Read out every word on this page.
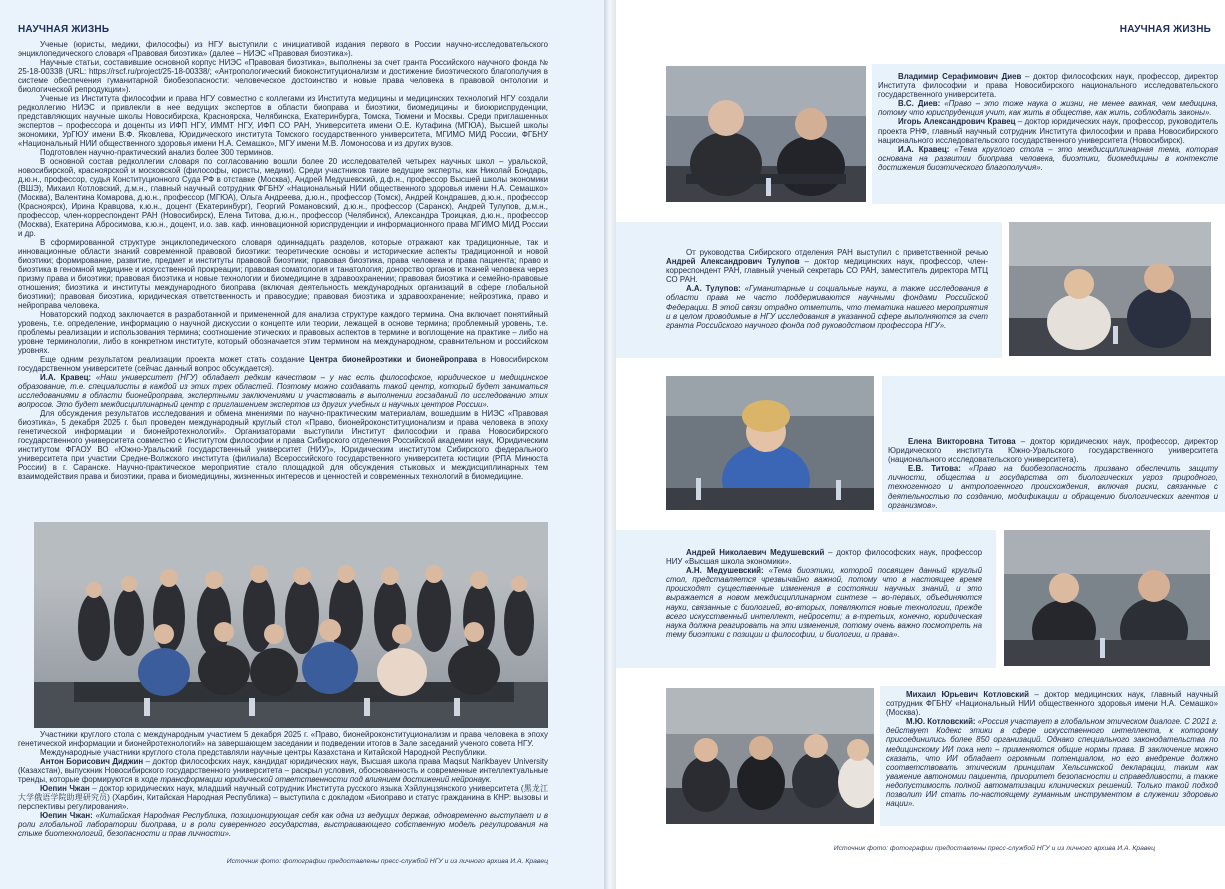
НАУЧНАЯ ЖИЗНЬ

Ученые (юристы, медики, философы) из НГУ выступили с инициативой издания первого в России научно-исследовательского энциклопедического словаря «Правовая биоэтика» (далее – НИЭС «Правовая биоэтика»).

Научные статьи, составившие основной корпус НИЭС «Правовая биоэтика», выполнены за счет гранта Российского научного фонда № 25-18-00338 (URL: https://rscf.ru/project/25-18-00338/; «Антропологический биоконституционализм и достижение биоэтического благополучия в системе обеспечения гуманитарной биобезопасности: человеческое достоинство и новые права человека в правовой онтологии и биологической репродукции»).

Ученые из Института философии и права НГУ совместно с коллегами из Института медицины и медицинских технологий НГУ создали редколлегию НИЭС и привлекли в нее ведущих экспертов в области биоправа и биоэтики, биомедицины и биоюриспруденции, представляющих научные школы Новосибирска, Красноярска, Челябинска, Екатеринбурга, Томска, Тюмени и Москвы. Среди приглашенных экспертов – профессора и доценты из ИФП НГУ, ИММТ НГУ, ИФП СО РАН, Университета имени О.Е. Кутафина (МГЮА), Высшей школы экономики, УрГЮУ имени В.Ф. Яковлева, Юридического института Томского государственного университета, МГИМО МИД России, ФГБНУ «Национальный НИИ общественного здоровья имени Н.А. Семашко», МГУ имени М.В. Ломоносова и из других вузов.

Подготовлен научно-практический анализ более 300 терминов.

В основной состав редколлегии словаря по согласованию вошли более 20 исследователей четырех научных школ – уральской, новосибирской, красноярской и московской (философы, юристы, медики). Среди участников такие ведущие эксперты, как Николай Бондарь, д.ю.н., профессор, судья Конституционного Суда РФ в отставке (Москва), Андрей Медушевский, д.ф.н., профессор Высшей школы экономики (ВШЭ), Михаил Котловский, д.м.н., главный научный сотрудник ФГБНУ «Национальный НИИ общественного здоровья имени Н.А. Семашко» (Москва), Валентина Комарова, д.ю.н., профессор (МГЮА), Ольга Андреева, д.ю.н., профессор (Томск), Андрей Кондрашев, д.ю.н., профессор (Красноярск), Ирина Кравцова, к.ю.н., доцент (Екатеринбург), Георгий Романовский, д.ю.н., профессор (Саранск), Андрей Тулупов, д.м.н., профессор, член-корреспондент РАН (Новосибирск), Елена Титова, д.ю.н., профессор (Челябинск), Александра Троицкая, д.ю.н., профессор (Москва), Екатерина Абросимова, к.ю.н., доцент, и.о. зав. каф. инновационной юриспруденции и информационного права МГИМО МИД России и др.

В сформированной структуре энциклопедического словаря одиннадцать разделов, которые отражают как традиционные, так и инновационные области знаний современной правовой биоэтики: теоретические основы и исторические аспекты традиционной и новой биоэтики; формирование, развитие, предмет и институты правовой биоэтики; правовая биоэтика, права человека и права пациента; право и биоэтика в геномной медицине и искусственной прокреации; правовая соматология и танатология; донорство органов и тканей человека через призму права и биоэтики; правовая биоэтика и новые технологии и биомедицине в здравоохранении; правовая биоэтика и семейно-правовые отношения; биоэтика и институты международного биоправа (включая деятельность международных организаций в сфере глобальной биоэтики); правовая биоэтика, юридическая ответственность и правосудие; правовая биоэтика и здравоохранение; нейроэтика, право и нейроправа человека.

Новаторский подход заключается в разработанной и примененной для анализа структуре каждого термина. Она включает понятийный уровень, т.е. определение, информацию о научной дискуссии о концепте или теории, лежащей в основе термина; проблемный уровень, т.е. проблемы реализации и использования термина; соотношение этических и правовых аспектов в термине и воплощение на практике – либо на уровне терминологии, либо в конкретном институте, который обозначается этим термином на международном, сравнительном и российском уровнях.

Еще одним результатом реализации проекта может стать создание Центра бионейроэтики и бионейроправа в Новосибирском государственном университете (сейчас данный вопрос обсуждается).

И.А. Кравец: «Наш университет (НГУ) обладает редким качеством – у нас есть философское, юридическое и медицинское образование, т.е. специалисты в каждой из этих трех областей. Поэтому можно создавать такой центр, который будет заниматься исследованиями в области бионейроправа, экспертными заключениями и участвовать в выполнении госзаданий по исследованию этих вопросов. Это будет междисциплинарный центр с приглашением экспертов из других учебных и научных центров России».

Для обсуждения результатов исследования и обмена мнениями по научно-практическим материалам, вошедшим в НИЭС «Правовая биоэтика», 5 декабря 2025 г. был проведен международный круглый стол «Право, бионейроконституционализм и права человека в эпоху генетической информации и бионейротехнологий». Организаторами выступили Институт философии и права Новосибирского государственного университета совместно с Институтом философии и права Сибирского отделения Российской академии наук, Юридическим институтом ФГАОУ ВО «Южно-Уральский государственный университет (НИУ)», Юридическим институтом Сибирского федерального университета при участии Средне-Волжского института (филиала) Всероссийского государственного университета юстиции (РПА Минюста России) в г. Саранске. Научно-практическое мероприятие стало площадкой для обсуждения стыковых и междисциплинарных тем взаимодействия права и биоэтики, права и биомедицины, жизненных интересов и ценностей и современных технологий в биомедицине.

Участники круглого стола с международным участием 5 декабря 2025 г. «Право, бионейроконституционализм и права человека в эпоху генетической информации и бионейротехнологий» на завершающем заседании и подведении итогов в Зале заседаний ученого совета НГУ.

Международные участники круглого стола представляли научные центры Казахстана и Китайской Народной Республики.

Антон Борисович Диджин – доктор философских наук, кандидат юридических наук, Высшая школа права Maqsut Narikbayev University (Казахстан), выпускник Новосибирского государственного университета – раскрыл условия, обоснованность и современные интеллектуальные тренды, которые формируются в ходе трансформации юридической ответственности под влиянием достижений нейронаук.

Юепин Чжан – доктор юридических наук, младший научный сотрудник Института русского языка Хэйлунцзянского университета (黑龙江大学俄语学院助理研究员) (Харбин, Китайская Народная Республика) – выступила с докладом «Биоправо и статус гражданина в КНР: вызовы и перспективы регулирования».

Юепин Чжан: «Китайская Народная Республика, позиционирующая себя как одна из ведущих держав, одновременно выступает и в роли глобальной лаборатории биоправа, и в роли суверенного государства, выстраивающего собственную модель регулирования на стыке биотехнологий, безопасности и прав личности».

Источник фото: фотографии предоставлены пресс-службой НГУ и из личного архива И.А. Кравец
НАУЧНАЯ ЖИЗНЬ

Владимир Серафимович Диев – доктор философских наук, профессор, директор Института философии и права Новосибирского национального исследовательского государственного университета.

В.С. Диев: «Право – это тоже наука о жизни, не менее важная, чем медицина, потому что юриспруденция учит, как жить в обществе, как жить, соблюдать законы».

Игорь Александрович Кравец – доктор юридических наук, профессор, руководитель проекта РНФ, главный научный сотрудник Института философии и права Новосибирского национального исследовательского государственного университета (Новосибирск).

И.А. Кравец: «Тема круглого стола – это междисциплинарная тема, которая основана на развитии биоправа человека, биоэтики, биомедицины в контексте достижения биоэтического благополучия».

От руководства Сибирского отделения РАН выступил с приветственной речью Андрей Александрович Тулупов – доктор медицинских наук, профессор, член-корреспондент РАН, главный ученый секретарь СО РАН, заместитель директора МТЦ СО РАН.

А.А. Тулупов: «Гуманитарные и социальные науки, а также исследования в области права не часто поддерживаются научными фондами Российской Федерации. В этой связи отрадно отметить, что тематика нашего мероприятия и в целом проводимые в НГУ исследования в указанной сфере выполняются за счет гранта Российского научного фонда под руководством профессора НГУ».

Елена Викторовна Титова – доктор юридических наук, профессор, директор Юридического института Южно-Уральского государственного университета (национального исследовательского университета).

Е.В. Титова: «Право на биобезопасность призвано обеспечить защиту личности, общества и государства от биологических угроз природного, техногенного и антропогенного происхождения, включая риски, связанные с деятельностью по созданию, модификации и обращению биологических агентов и организмов».

Андрей Николаевич Медушевский – доктор философских наук, профессор НИУ «Высшая школа экономики».

А.Н. Медушевский: «Тема биоэтики, которой посвящен данный круглый стол, представляется чрезвычайно важной, потому что в настоящее время происходят существенные изменения в состоянии научных знаний, и это выражается в новом междисциплинарном синтезе – во-первых, объединяются науки, связанные с биологией, во-вторых, появляются новые технологии, прежде всего искусственный интеллект, нейросети; а в-третьих, конечно, юридическая наука должна реагировать на эти изменения, потому очень важно посмотреть на тему биоэтики с позиции и философии, и биологии, и права».

Михаил Юрьевич Котловский – доктор медицинских наук, главный научный сотрудник ФГБНУ «Национальный НИИ общественного здоровья имени Н.А. Семашко» (Москва).

М.Ю. Котловский: «Россия участвует в глобальном этическом диалоге. С 2021 г. действует Кодекс этики в сфере искусственного интеллекта, к которому присоединились более 850 организаций. Однако специального законодательства по медицинскому ИИ пока нет – применяются общие нормы права. В заключение можно сказать, что ИИ обладает огромным потенциалом, но его внедрение должно соответствовать этическим принципам Хельсинкской декларации, таким как уважение автономии пациента, приоритет безопасности и справедливости, а также недопустимость полной автоматизации клинических решений. Только такой подход позволит ИИ стать по-настоящему гуманным инструментом в служении здоровью нации».

Источник фото: фотографии предоставлены пресс-службой НГУ и из личного архива И.А. Кравец
